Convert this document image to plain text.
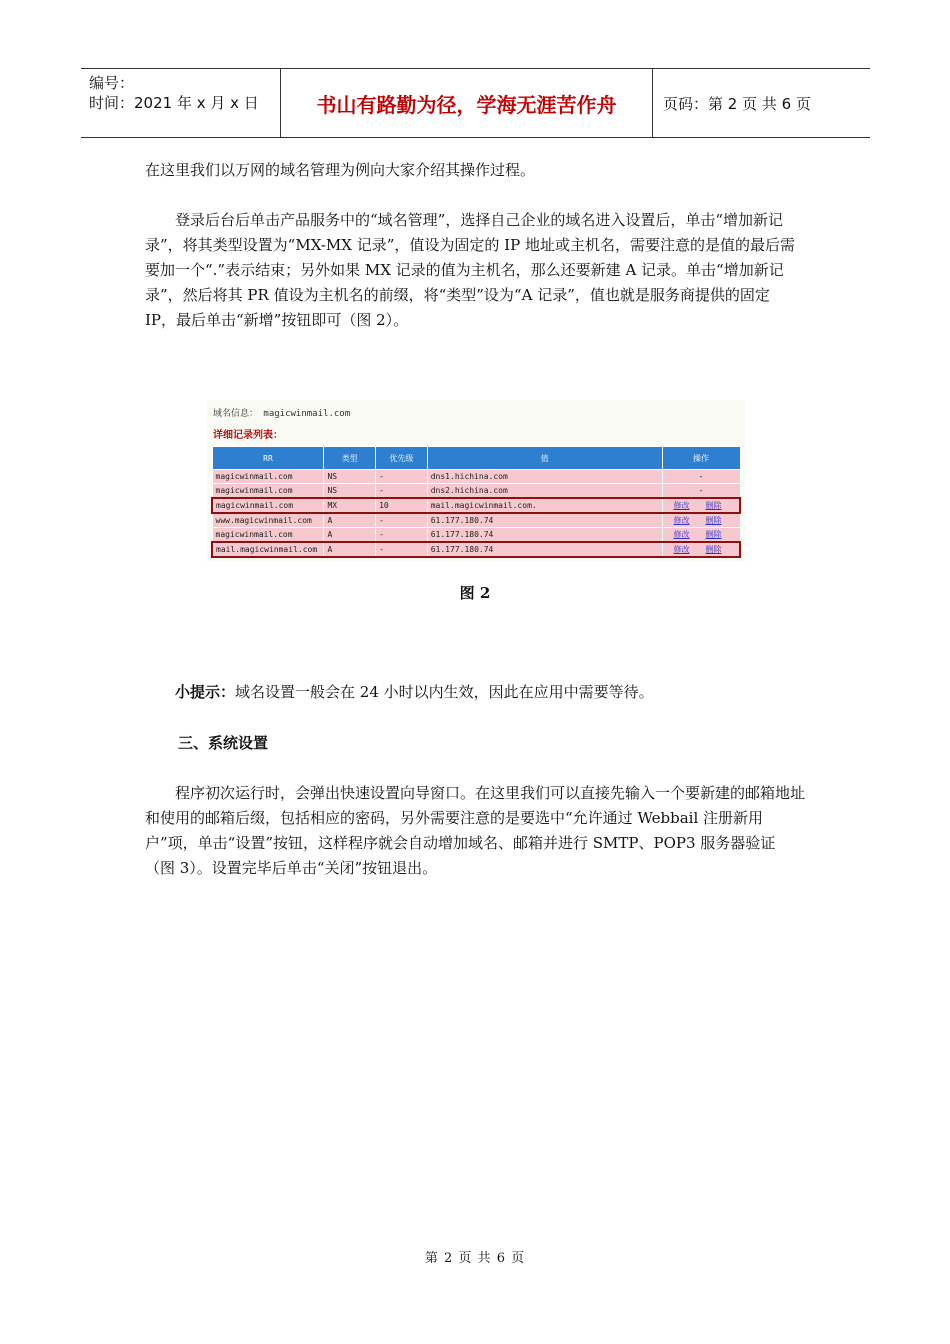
编号：
时间：2021 年 x 月 x 日	书山有路勤为径，学海无涯苦作舟	页码：第 2 页 共 6 页

在这里我们以万网的域名管理为例向大家介绍其操作过程。

登录后台后单击产品服务中的“域名管理”，选择自己企业的域名进入设置后，单击“增加新记录”，将其类型设置为“MX-MX 记录”，值设为固定的 IP 地址或主机名，需要注意的是值的最后需要加一个“.”表示结束；另外如果 MX 记录的值为主机名，那么还要新建 A 记录。单击“增加新记录”，然后将其 PR 值设为主机名的前缀，将“类型”设为“A 记录”，值也就是服务商提供的固定 IP，最后单击“新增”按钮即可（图 2）。

域名信息： magicwinmail.com
详细记录列表：
RR	类型	优先级	值	操作
magicwinmail.com	NS	-	dns1.hichina.com	-
magicwinmail.com	NS	-	dns2.hichina.com	-
magicwinmail.com	MX	10	mail.magicwinmail.com.	修改 删除
www.magicwinmail.com	A	-	61.177.180.74	修改 删除
magicwinmail.com	A	-	61.177.180.74	修改 删除
mail.magicwinmail.com	A	-	61.177.180.74	修改 删除
图 2

小提示：域名设置一般会在 24 小时以内生效，因此在应用中需要等待。

三、系统设置

程序初次运行时，会弹出快速设置向导窗口。在这里我们可以直接先输入一个要新建的邮箱地址和使用的邮箱后缀，包括相应的密码，另外需要注意的是要选中“允许通过 Webbail 注册新用户”项，单击“设置”按钮，这样程序就会自动增加域名、邮箱并进行 SMTP、POP3 服务器验证（图 3）。设置完毕后单击“关闭”按钮退出。

第 2 页 共 6 页
